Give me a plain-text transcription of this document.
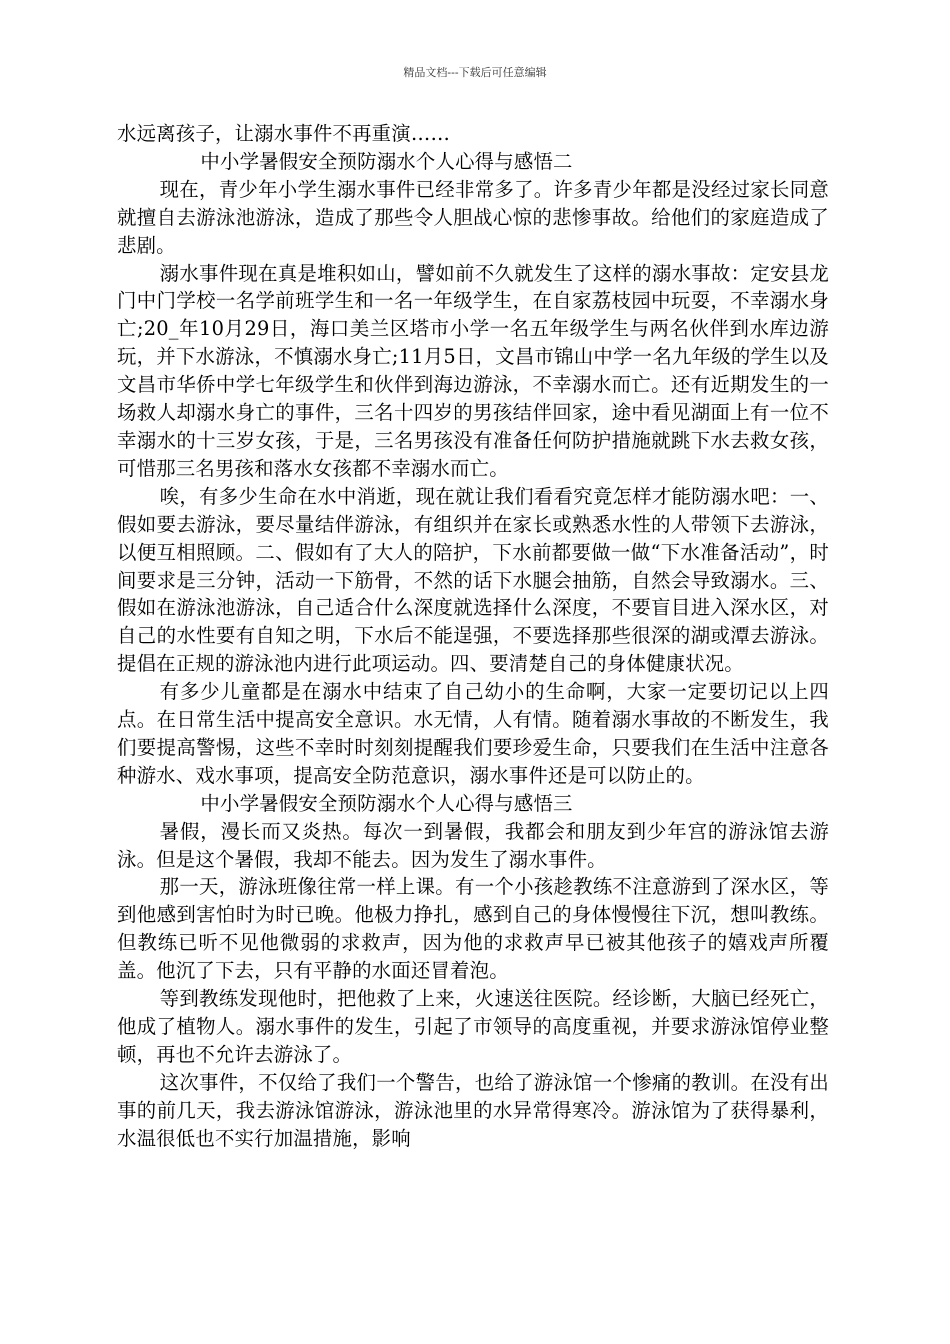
精品文档---下载后可任意编辑

水远离孩子，让溺水事件不再重演……

中小学暑假安全预防溺水个人心得与感悟二

现在，青少年小学生溺水事件已经非常多了。许多青少年都是没经过家长同意就擅自去游泳池游泳，造成了那些令人胆战心惊的悲惨事故。给他们的家庭造成了悲剧。

溺水事件现在真是堆积如山，譬如前不久就发生了这样的溺水事故：定安县龙门中门学校一名学前班学生和一名一年级学生，在自家荔枝园中玩耍，不幸溺水身亡;20_年10月29日，海口美兰区塔市小学一名五年级学生与两名伙伴到水库边游玩，并下水游泳，不慎溺水身亡;11月5日，文昌市锦山中学一名九年级的学生以及文昌市华侨中学七年级学生和伙伴到海边游泳，不幸溺水而亡。还有近期发生的一场救人却溺水身亡的事件，三名十四岁的男孩结伴回家，途中看见湖面上有一位不幸溺水的十三岁女孩，于是，三名男孩没有准备任何防护措施就跳下水去救女孩，可惜那三名男孩和落水女孩都不幸溺水而亡。

唉，有多少生命在水中消逝，现在就让我们看看究竟怎样才能防溺水吧：一、假如要去游泳，要尽量结伴游泳，有组织并在家长或熟悉水性的人带领下去游泳，以便互相照顾。二、假如有了大人的陪护，下水前都要做一做“下水准备活动”，时间要求是三分钟，活动一下筋骨，不然的话下水腿会抽筋，自然会导致溺水。三、假如在游泳池游泳，自己适合什么深度就选择什么深度，不要盲目进入深水区，对自己的水性要有自知之明，下水后不能逞强，不要选择那些很深的湖或潭去游泳。提倡在正规的游泳池内进行此项运动。四、要清楚自己的身体健康状况。

有多少儿童都是在溺水中结束了自己幼小的生命啊，大家一定要切记以上四点。在日常生活中提高安全意识。水无情，人有情。随着溺水事故的不断发生，我们要提高警惕，这些不幸时时刻刻提醒我们要珍爱生命，只要我们在生活中注意各种游水、戏水事项，提高安全防范意识，溺水事件还是可以防止的。

中小学暑假安全预防溺水个人心得与感悟三

暑假，漫长而又炎热。每次一到暑假，我都会和朋友到少年宫的游泳馆去游泳。但是这个暑假，我却不能去。因为发生了溺水事件。

那一天，游泳班像往常一样上课。有一个小孩趁教练不注意游到了深水区，等到他感到害怕时为时已晚。他极力挣扎，感到自己的身体慢慢往下沉，想叫教练。但教练已听不见他微弱的求救声，因为他的求救声早已被其他孩子的嬉戏声所覆盖。他沉了下去，只有平静的水面还冒着泡。

等到教练发现他时，把他救了上来，火速送往医院。经诊断，大脑已经死亡，他成了植物人。溺水事件的发生，引起了市领导的高度重视，并要求游泳馆停业整顿，再也不允许去游泳了。

这次事件，不仅给了我们一个警告，也给了游泳馆一个惨痛的教训。在没有出事的前几天，我去游泳馆游泳，游泳池里的水异常得寒冷。游泳馆为了获得暴利，水温很低也不实行加温措施，影响
